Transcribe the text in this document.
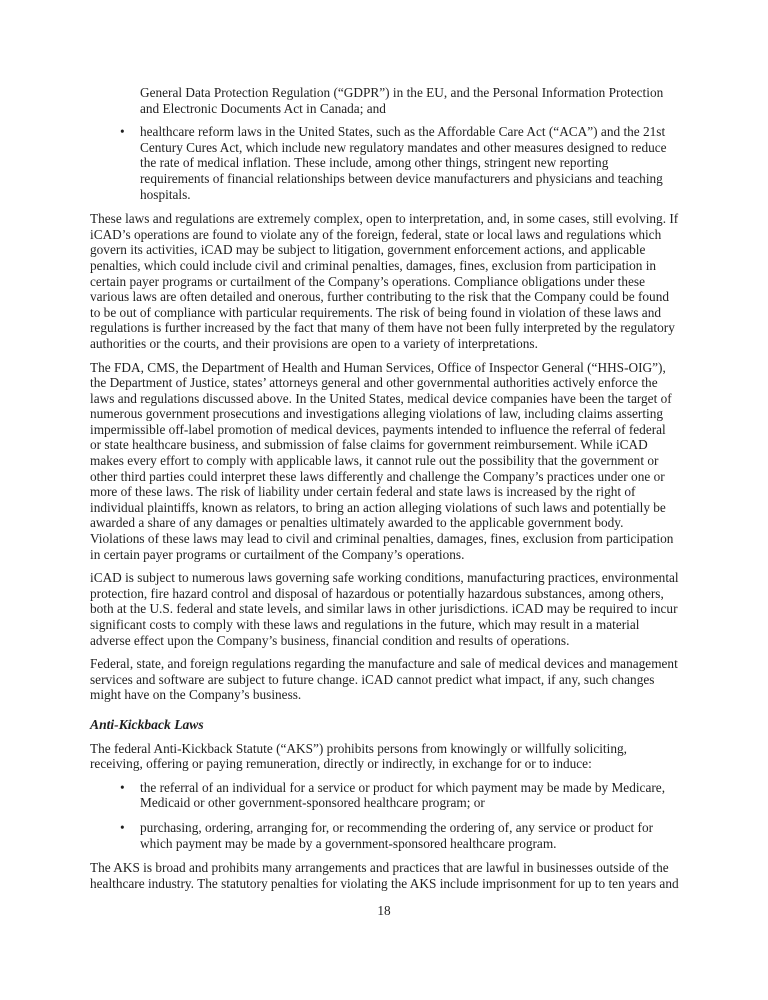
General Data Protection Regulation (“GDPR”) in the EU, and the Personal Information Protection and Electronic Documents Act in Canada; and
•	healthcare reform laws in the United States, such as the Affordable Care Act (“ACA”) and the 21st Century Cures Act, which include new regulatory mandates and other measures designed to reduce the rate of medical inflation. These include, among other things, stringent new reporting requirements of financial relationships between device manufacturers and physicians and teaching hospitals.

These laws and regulations are extremely complex, open to interpretation, and, in some cases, still evolving. If iCAD’s operations are found to violate any of the foreign, federal, state or local laws and regulations which govern its activities, iCAD may be subject to litigation, government enforcement actions, and applicable penalties, which could include civil and criminal penalties, damages, fines, exclusion from participation in certain payer programs or curtailment of the Company’s operations. Compliance obligations under these various laws are often detailed and onerous, further contributing to the risk that the Company could be found to be out of compliance with particular requirements. The risk of being found in violation of these laws and regulations is further increased by the fact that many of them have not been fully interpreted by the regulatory authorities or the courts, and their provisions are open to a variety of interpretations.

The FDA, CMS, the Department of Health and Human Services, Office of Inspector General (“HHS-OIG”), the Department of Justice, states’ attorneys general and other governmental authorities actively enforce the laws and regulations discussed above. In the United States, medical device companies have been the target of numerous government prosecutions and investigations alleging violations of law, including claims asserting impermissible off-label promotion of medical devices, payments intended to influence the referral of federal or state healthcare business, and submission of false claims for government reimbursement. While iCAD makes every effort to comply with applicable laws, it cannot rule out the possibility that the government or other third parties could interpret these laws differently and challenge the Company’s practices under one or more of these laws. The risk of liability under certain federal and state laws is increased by the right of individual plaintiffs, known as relators, to bring an action alleging violations of such laws and potentially be awarded a share of any damages or penalties ultimately awarded to the applicable government body. Violations of these laws may lead to civil and criminal penalties, damages, fines, exclusion from participation in certain payer programs or curtailment of the Company’s operations.

iCAD is subject to numerous laws governing safe working conditions, manufacturing practices, environmental protection, fire hazard control and disposal of hazardous or potentially hazardous substances, among others, both at the U.S. federal and state levels, and similar laws in other jurisdictions. iCAD may be required to incur significant costs to comply with these laws and regulations in the future, which may result in a material adverse effect upon the Company’s business, financial condition and results of operations.

Federal, state, and foreign regulations regarding the manufacture and sale of medical devices and management services and software are subject to future change. iCAD cannot predict what impact, if any, such changes might have on the Company’s business.

Anti-Kickback Laws

The federal Anti-Kickback Statute (“AKS”) prohibits persons from knowingly or willfully soliciting, receiving, offering or paying remuneration, directly or indirectly, in exchange for or to induce:

•	the referral of an individual for a service or product for which payment may be made by Medicare, Medicaid or other government-sponsored healthcare program; or
•	purchasing, ordering, arranging for, or recommending the ordering of, any service or product for which payment may be made by a government-sponsored healthcare program.

The AKS is broad and prohibits many arrangements and practices that are lawful in businesses outside of the healthcare industry. The statutory penalties for violating the AKS include imprisonment for up to ten years and

18
